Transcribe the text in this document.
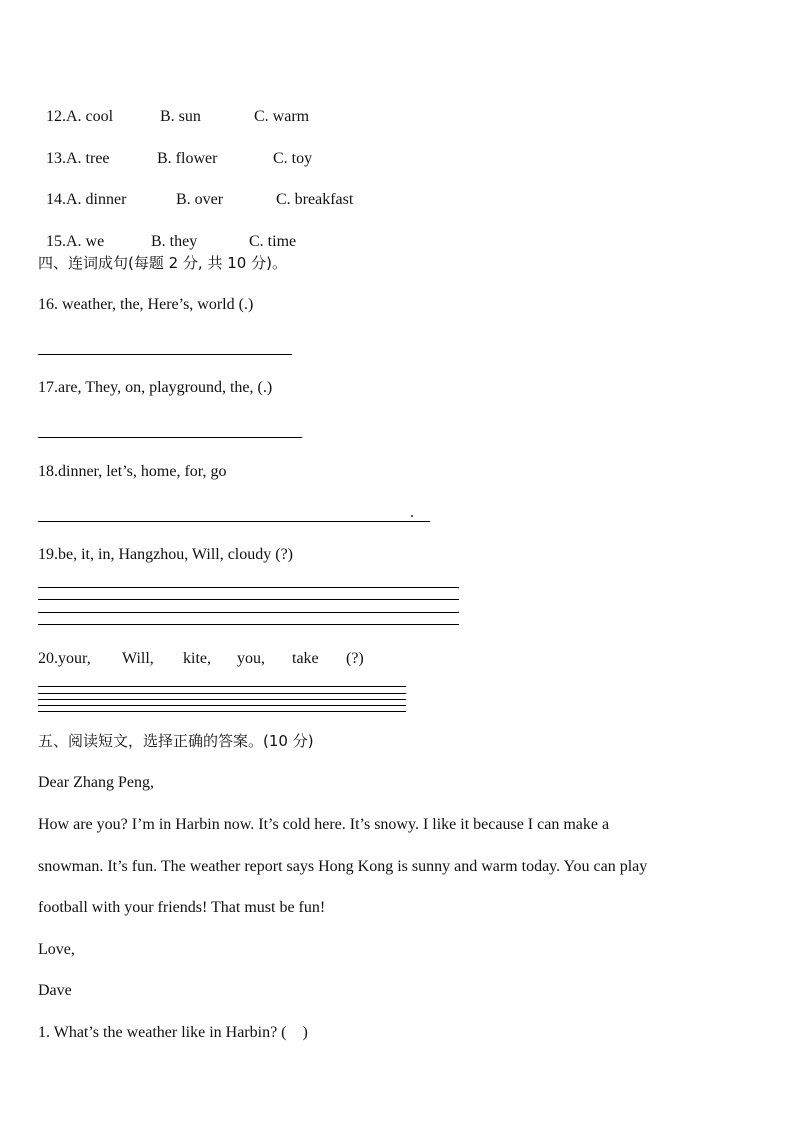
12.A. cool	B. sun	C. warm

13.A. tree	B. flower	C. toy

14.A. dinner	B. over	C. breakfast

15.A. we	B. they	C. time

四、连词成句(每题 2 分, 共 10 分)。
16. weather, the, Here’s, world (.)
17.are, They, on, playground, the, (.)
18.dinner, let’s, home, for, go
.
19.be, it, in, Hangzhou, Will, cloudy (?)
20.your, Will, kite, you, take (?)
五、阅读短文，选择正确的答案。(10 分)
Dear Zhang Peng,
How are you? I’m in Harbin now. It’s cold here. It’s snowy. I like it because I can make a
snowman. It’s fun. The weather report says Hong Kong is sunny and warm today. You can play
football with your friends! That must be fun!
Love,
Dave
1. What’s the weather like in Harbin? (    )
